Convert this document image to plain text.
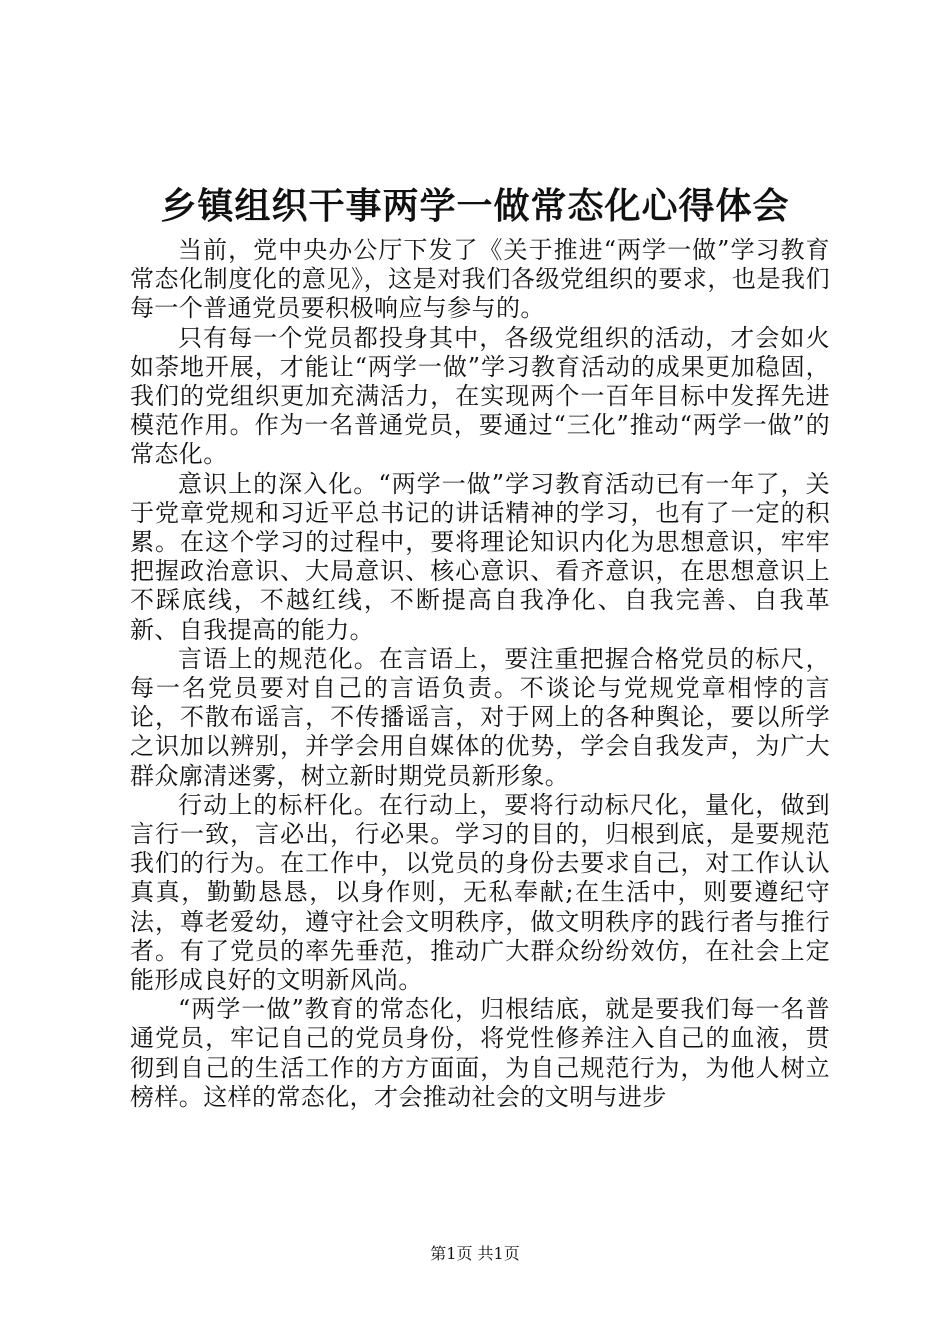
乡镇组织干事两学一做常态化心得体会

当前，党中央办公厅下发了《关于推进“两学一做”学习教育常态化制度化的意见》，这是对我们各级党组织的要求，也是我们每一个普通党员要积极响应与参与的。

只有每一个党员都投身其中，各级党组织的活动，才会如火如荼地开展，才能让“两学一做”学习教育活动的成果更加稳固，我们的党组织更加充满活力，在实现两个一百年目标中发挥先进模范作用。作为一名普通党员，要通过“三化”推动“两学一做”的常态化。

意识上的深入化。“两学一做”学习教育活动已有一年了，关于党章党规和习近平总书记的讲话精神的学习，也有了一定的积累。在这个学习的过程中，要将理论知识内化为思想意识，牢牢把握政治意识、大局意识、核心意识、看齐意识，在思想意识上不踩底线，不越红线，不断提高自我净化、自我完善、自我革新、自我提高的能力。

言语上的规范化。在言语上，要注重把握合格党员的标尺，每一名党员要对自己的言语负责。不谈论与党规党章相悖的言论，不散布谣言，不传播谣言，对于网上的各种舆论，要以所学之识加以辨别，并学会用自媒体的优势，学会自我发声，为广大群众廓清迷雾，树立新时期党员新形象。

行动上的标杆化。在行动上，要将行动标尺化，量化，做到言行一致，言必出，行必果。学习的目的，归根到底，是要规范我们的行为。在工作中，以党员的身份去要求自己，对工作认认真真，勤勤恳恳，以身作则，无私奉献;在生活中，则要遵纪守法，尊老爱幼，遵守社会文明秩序，做文明秩序的践行者与推行者。有了党员的率先垂范，推动广大群众纷纷效仿，在社会上定能形成良好的文明新风尚。

“两学一做”教育的常态化，归根结底，就是要我们每一名普通党员，牢记自己的党员身份，将党性修养注入自己的血液，贯彻到自己的生活工作的方方面面，为自己规范行为，为他人树立榜样。这样的常态化，才会推动社会的文明与进步

第1页 共1页
